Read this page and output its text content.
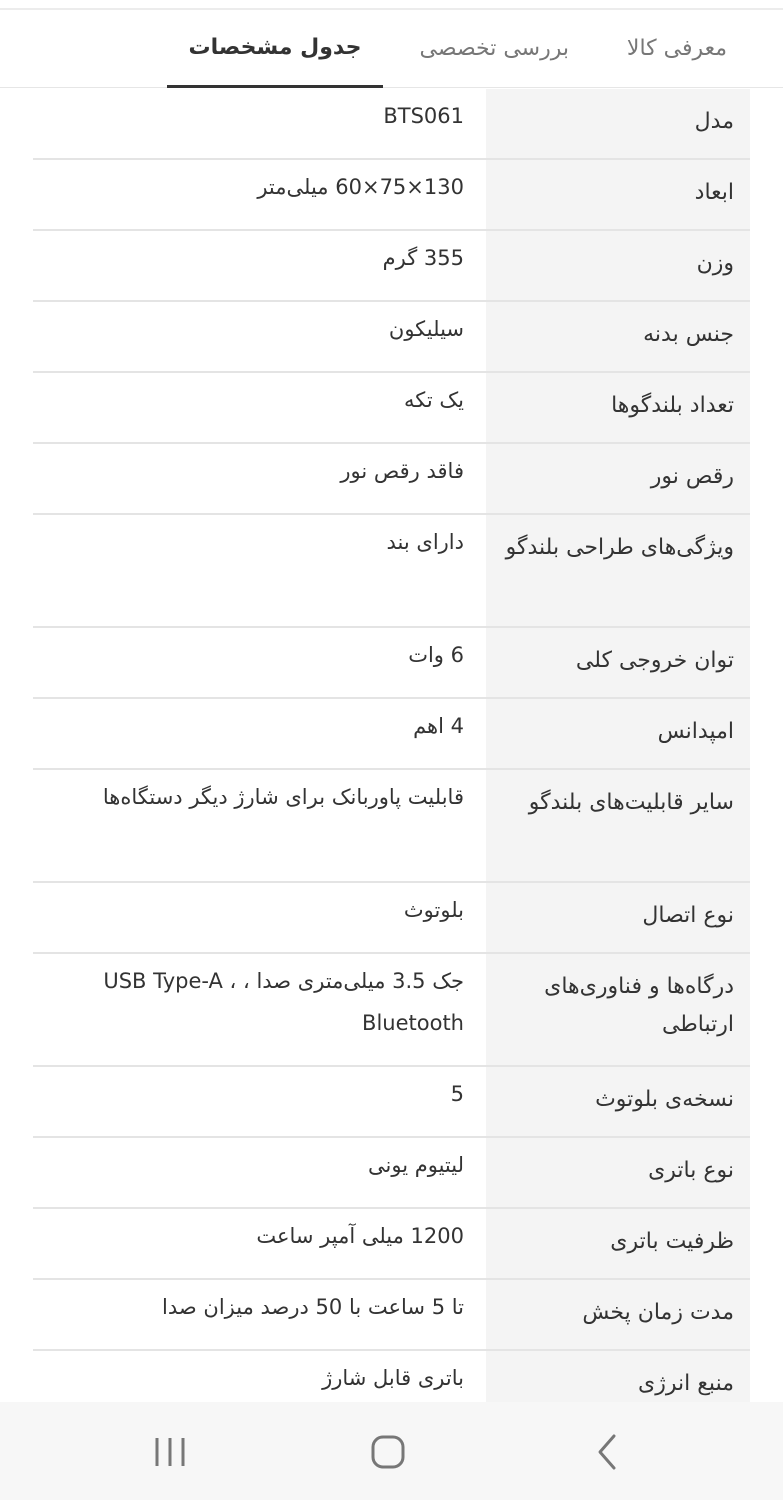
معرفی کالا
بررسی تخصصی
جدول مشخصات
مدل
BTS061
ابعاد
130×75×60 میلی‌متر
وزن
355 گرم
جنس بدنه
سیلیکون
تعداد بلندگوها
یک تکه
رقص نور
فاقد رقص نور
ویژگی‌های طراحی بلندگو
دارای بند
توان خروجی کلی
6 وات
امپدانس
4 اهم
سایر قابلیت‌های بلندگو
قابلیت پاوربانک برای شارژ دیگر دستگاه‌ها
نوع اتصال
بلوتوث
درگاه‌ها و فناوری‌های ارتباطی
جک 3.5 میلی‌متری صدا ، USB Type-A ، Bluetooth
نسخه‌ی بلوتوث
5
نوع باتری
لیتیوم یونی
ظرفیت باتری
1200 میلی آمپر ساعت
مدت زمان پخش
تا 5 ساعت با 50 درصد میزان صدا
منبع انرژی
باتری قابل شارژ
